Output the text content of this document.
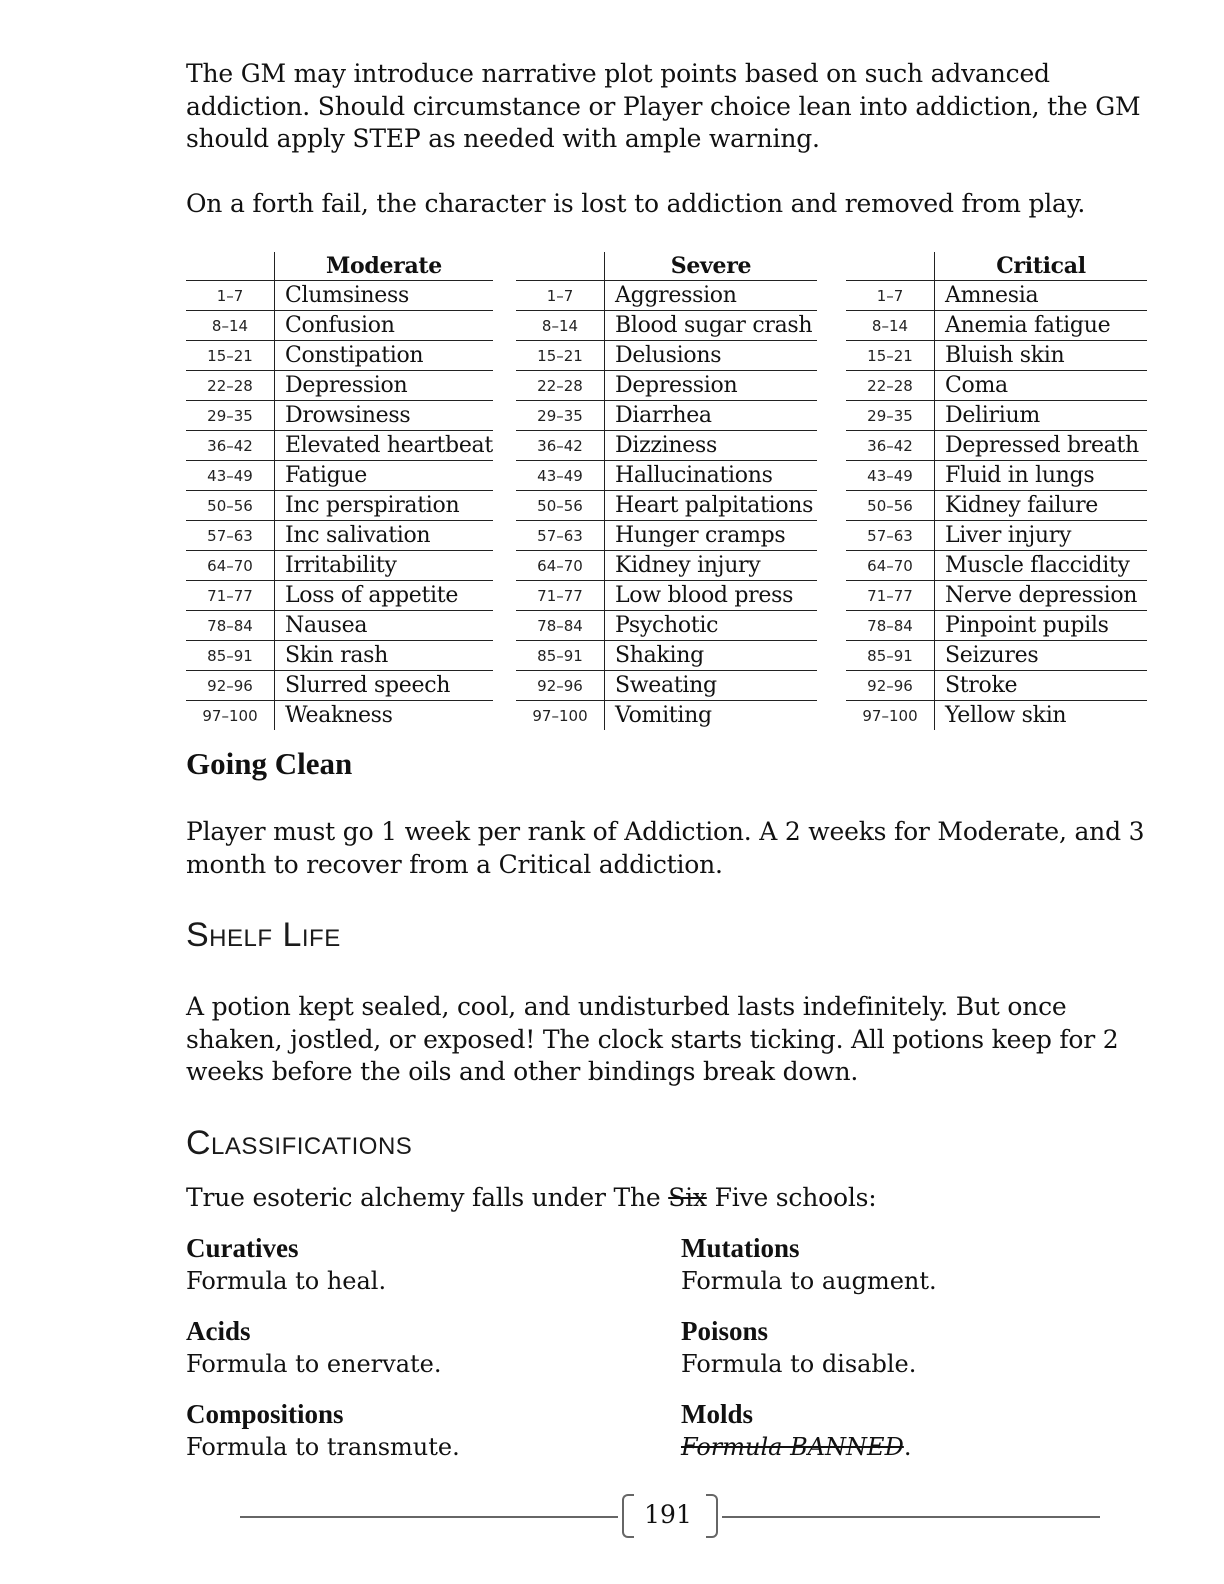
The GM may introduce narrative plot points based on such advanced addiction. Should circumstance or Player choice lean into addiction, the GM should apply STEP as needed with ample warning.

On a forth fail, the character is lost to addiction and removed from play.

	Moderate
1–7	Clumsiness
8–14	Confusion
15–21	Constipation
22–28	Depression
29–35	Drowsiness
36–42	Elevated heartbeat
43–49	Fatigue
50–56	Inc perspiration
57–63	Inc salivation
64–70	Irritability
71–77	Loss of appetite
78–84	Nausea
85–91	Skin rash
92–96	Slurred speech
97–100	Weakness
	Severe
1–7	Aggression
8–14	Blood sugar crash
15–21	Delusions
22–28	Depression
29–35	Diarrhea
36–42	Dizziness
43–49	Hallucinations
50–56	Heart palpitations
57–63	Hunger cramps
64–70	Kidney injury
71–77	Low blood press
78–84	Psychotic
85–91	Shaking
92–96	Sweating
97–100	Vomiting
	Critical
1–7	Amnesia
8–14	Anemia fatigue
15–21	Bluish skin
22–28	Coma
29–35	Delirium
36–42	Depressed breath
43–49	Fluid in lungs
50–56	Kidney failure
57–63	Liver injury
64–70	Muscle flaccidity
71–77	Nerve depression
78–84	Pinpoint pupils
85–91	Seizures
92–96	Stroke
97–100	Yellow skin
Going Clean

Player must go 1 week per rank of Addiction. A 2 weeks for Moderate, and 3 month to recover from a Critical addiction.

Shelf Life

A potion kept sealed, cool, and undisturbed lasts indefinitely. But once shaken, jostled, or exposed! The clock starts ticking. All potions keep for 2 weeks before the oils and other bindings break down.

Classifications

True esoteric alchemy falls under The Six Five schools:

Curatives
Formula to heal.
Mutations
Formula to augment.
Acids
Formula to enervate.
Poisons
Formula to disable.
Compositions
Formula to transmute.
Molds
Formula BANNED.
191
